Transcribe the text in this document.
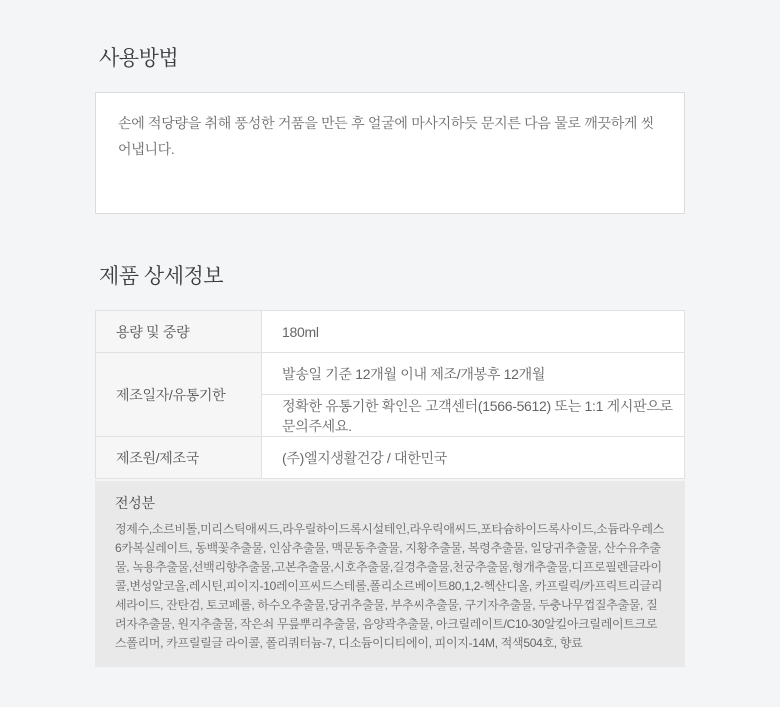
사용방법
손에 적당량을 취해 풍성한 거품을 만든 후 얼굴에 마사지하듯 문지른 다음 물로 깨끗하게 씻어냅니다.
제품 상세정보
용량 및 중량	180ml
제조일자/유통기한	발송일 기준 12개월 이내 제조/개봉후 12개월
	정확한 유통기한 확인은 고객센터(1566-5612) 또는 1:1 게시판으로 문의주세요.
제조원/제조국	(주)엘지생활건강 / 대한민국
전성분
정제수,소르비톨,미리스틱애씨드,라우릴하이드록시설테인,라우릭애씨드,포타슘하이드록사이드,소듐라우레스6카복실레이트, 동백꽃추출물, 인삼추출물, 맥문동추출물, 지황추출물, 복령추출물, 일당귀추출물, 산수유추출물, 녹용추출물,선백리향추출물,고본추출물,시호추출물,길경추출물,천궁추출물,형개추출물,디프로필렌글라이콜,변성알코올,레시틴,피이지-10레이프씨드스테롤,폴리소르베이트80,1,2-헥산디올, 카프릴릭/카프릭트리글리세라이드, 잔탄검, 토코페롤, 하수오추출물,당귀추출물, 부추씨추출물, 구기자추출물, 두충나무껍질추출물, 질려자추출물, 원지추출물, 작은쇠 무릎뿌리추출물, 음양곽추출물, 아크릴레이트/C10-30알킬아크릴레이트크로스폴리머, 카프릴릴글 라이콜, 폴리쿼터늄-7, 디소듐이디티에이, 피이지-14M, 적색504호, 향료
